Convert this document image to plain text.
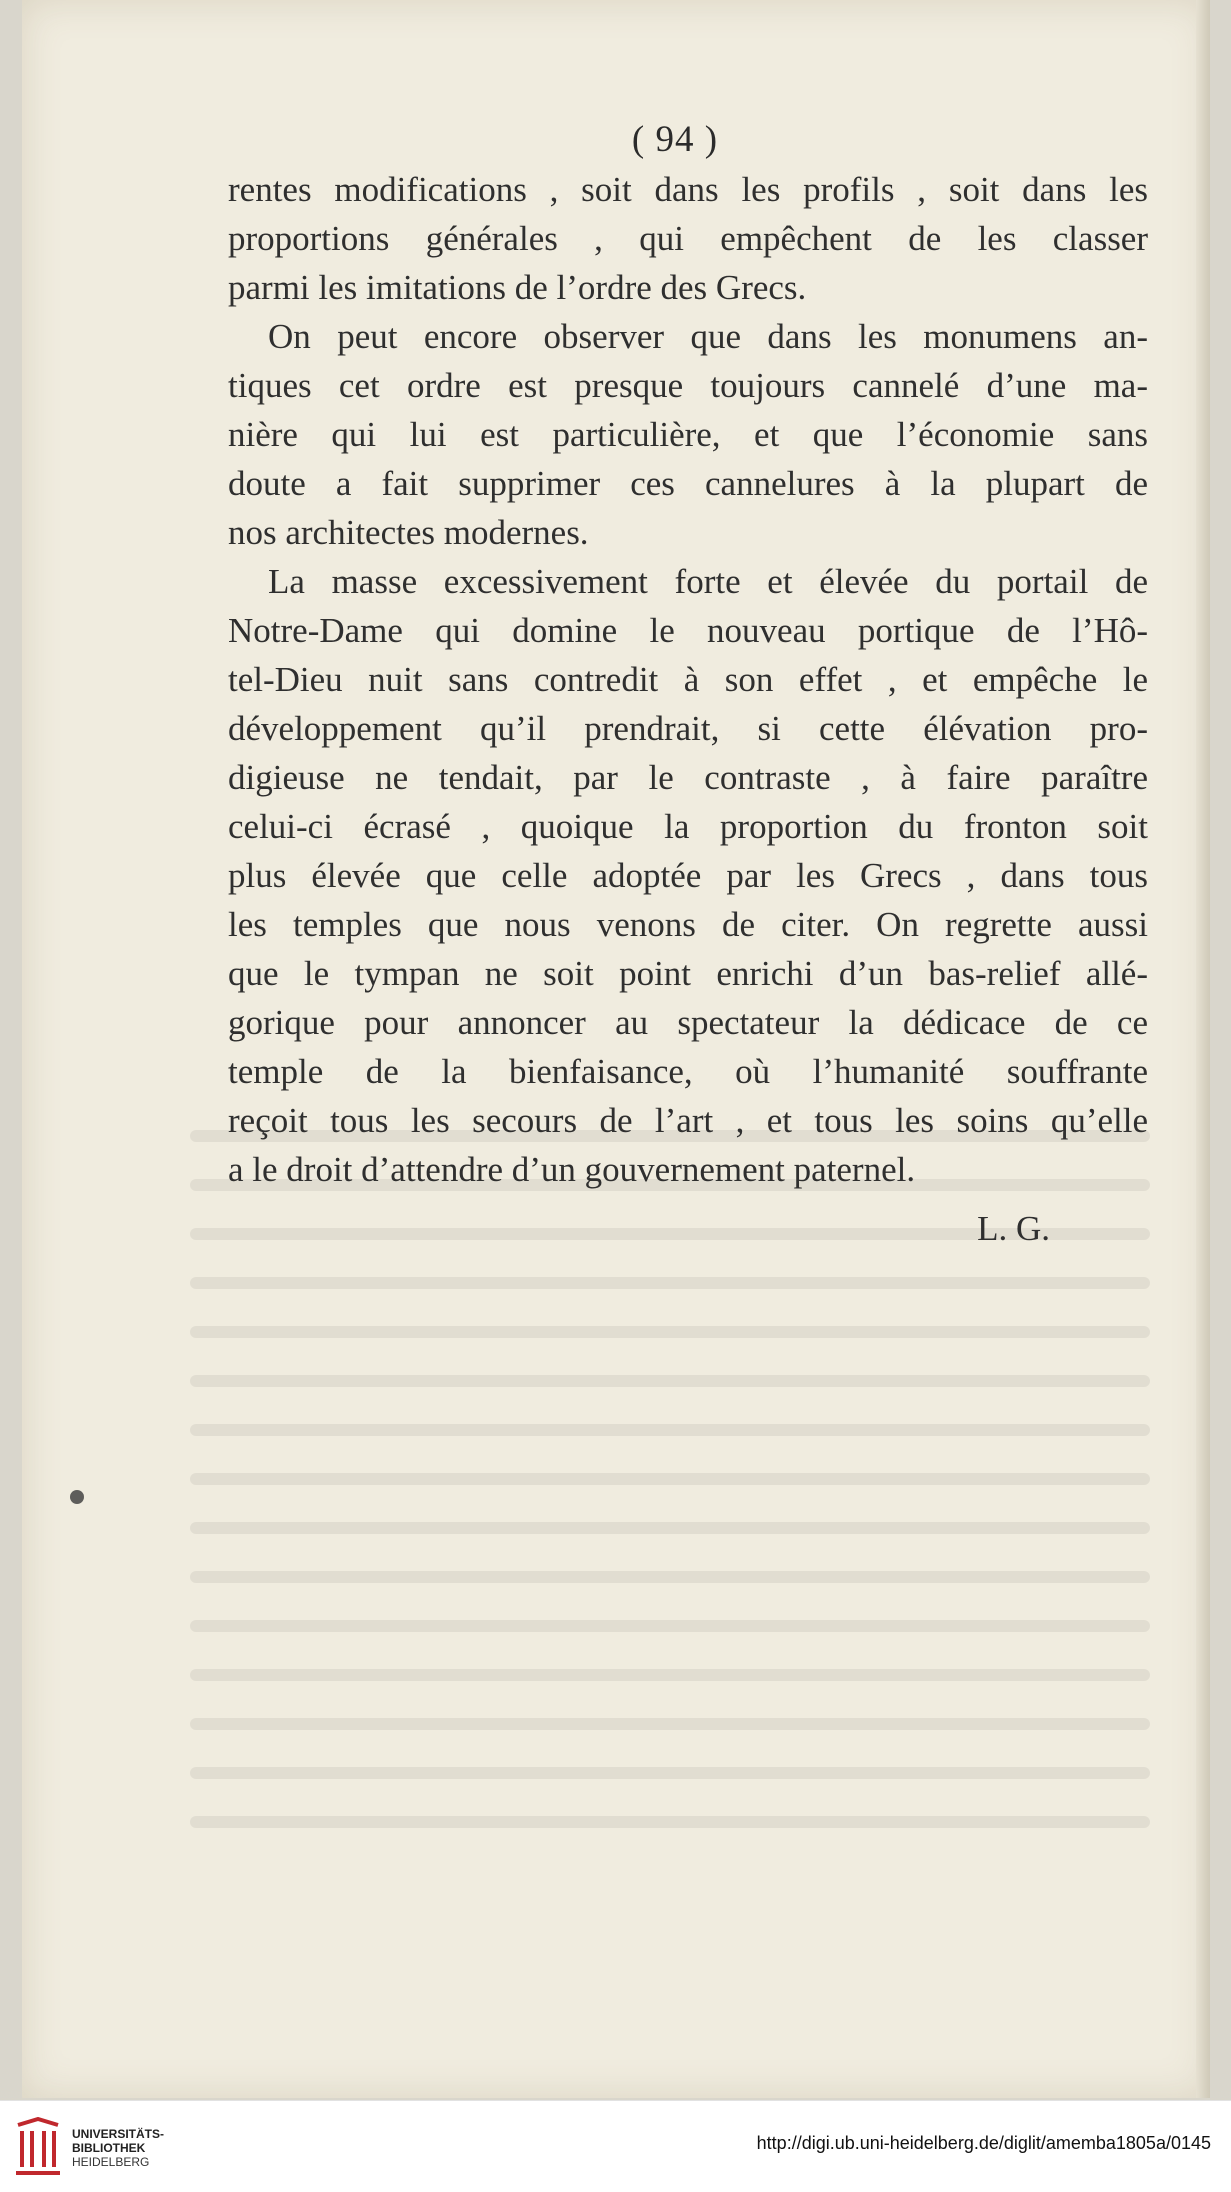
( 94 )

rentes modifications , soit dans les profils , soit dans les
proportions générales , qui empêchent de les classer
parmi les imitations de l’ordre des Grecs.

On peut encore observer que dans les monumens an-
tiques cet ordre est presque toujours cannelé d’une ma-
nière qui lui est particulière, et que l’économie sans
doute a fait supprimer ces cannelures à la plupart de
nos architectes modernes.

La masse excessivement forte et élevée du portail de
Notre-Dame qui domine le nouveau portique de l’Hô-
tel-Dieu nuit sans contredit à son effet , et empêche le
développement qu’il prendrait, si cette élévation pro-
digieuse ne tendait, par le contraste , à faire paraître
celui-ci écrasé , quoique la proportion du fronton soit
plus élevée que celle adoptée par les Grecs , dans tous
les temples que nous venons de citer. On regrette aussi
que le tympan ne soit point enrichi d’un bas-relief allé-
gorique pour annoncer au spectateur la dédicace de ce
temple de la bienfaisance, où l’humanité souffrante
reçoit tous les secours de l’art , et tous les soins qu’elle
a le droit d’attendre d’un gouvernement paternel.

L. G.
UNIVERSITÄTS-
BIBLIOTHEK
HEIDELBERG
http://digi.ub.uni-heidelberg.de/diglit/amemba1805a/0145
